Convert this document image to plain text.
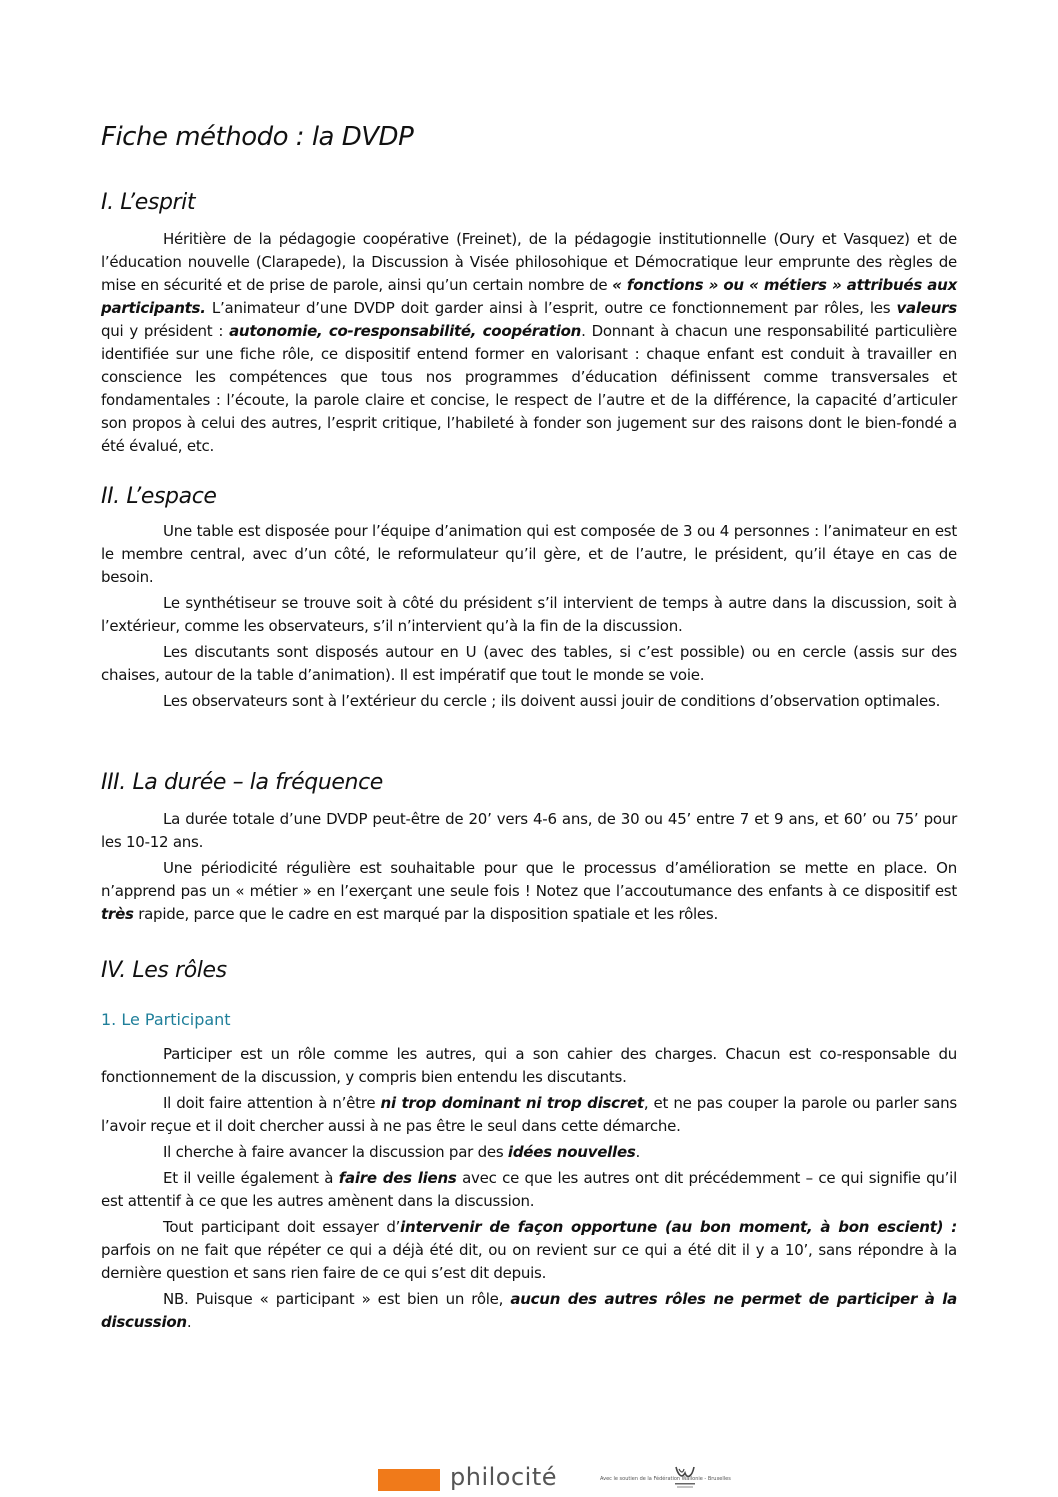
Fiche méthodo : la DVDP
I. L’esprit

Héritière de la pédagogie coopérative (Freinet), de la pédagogie institutionnelle (Oury et Vasquez) et de l’éducation nouvelle (Clarapede), la Discussion à Visée philosohique et Démocratique leur emprunte des règles de mise en sécurité et de prise de parole, ainsi qu’un certain nombre de « fonctions » ou « métiers » attribués aux participants. L’animateur d’une DVDP doit garder ainsi à l’esprit, outre ce fonctionnement par rôles, les valeurs qui y président : autonomie, co-responsabilité, coopération. Donnant à chacun une responsabilité particulière identifiée sur une fiche rôle, ce dispositif entend former en valorisant : chaque enfant est conduit à travailler en conscience les compétences que tous nos programmes d’éducation définissent comme transversales et fondamentales : l’écoute, la parole claire et concise, le respect de l’autre et de la différence, la capacité d’articuler son propos à celui des autres, l’esprit critique, l’habileté à fonder son jugement sur des raisons dont le bien-fondé a été évalué, etc.

II. L’espace

Une table est disposée pour l’équipe d’animation qui est composée de 3 ou 4 personnes : l’animateur en est le membre central, avec d’un côté, le reformulateur qu’il gère, et de l’autre, le président, qu’il étaye en cas de besoin.

Le synthétiseur se trouve soit à côté du président s’il intervient de temps à autre dans la discussion, soit à l’extérieur, comme les observateurs, s’il n’intervient qu’à la fin de la discussion.

Les discutants sont disposés autour en U (avec des tables, si c’est possible) ou en cercle (assis sur des chaises, autour de la table d’animation). Il est impératif que tout le monde se voie.

Les observateurs sont à l’extérieur du cercle ; ils doivent aussi jouir de conditions d’observation optimales.

III. La durée – la fréquence

La durée totale d’une DVDP peut-être de 20’ vers 4-6 ans, de 30 ou 45’ entre 7 et 9 ans, et 60’ ou 75’ pour les 10-12 ans.

Une périodicité régulière est souhaitable pour que le processus d’amélioration se mette en place. On n’apprend pas un « métier » en l’exerçant une seule fois ! Notez que l’accoutumance des enfants à ce dispositif est très rapide, parce que le cadre en est marqué par la disposition spatiale et les rôles.

IV. Les rôles
1. Le Participant

Participer est un rôle comme les autres, qui a son cahier des charges. Chacun est co-responsable du fonctionnement de la discussion, y compris bien entendu les discutants.

Il doit faire attention à n’être ni trop dominant ni trop discret, et ne pas couper la parole ou parler sans l’avoir reçue et il doit chercher aussi à ne pas être le seul dans cette démarche.

Il cherche à faire avancer la discussion par des idées nouvelles.

Et il veille également à faire des liens avec ce que les autres ont dit précédemment – ce qui signifie qu’il est attentif à ce que les autres amènent dans la discussion.

Tout participant doit essayer d’intervenir de façon opportune (au bon moment, à bon escient) : parfois on ne fait que répéter ce qui a déjà été dit, ou on revient sur ce qui a été dit il y a 10’, sans répondre à la dernière question et sans rien faire de ce qui s’est dit depuis.

NB. Puisque « participant » est bien un rôle, aucun des autres rôles ne permet de participer à la discussion.

philocité	Avec le soutien de la Fédération Wallonie - Bruxelles
